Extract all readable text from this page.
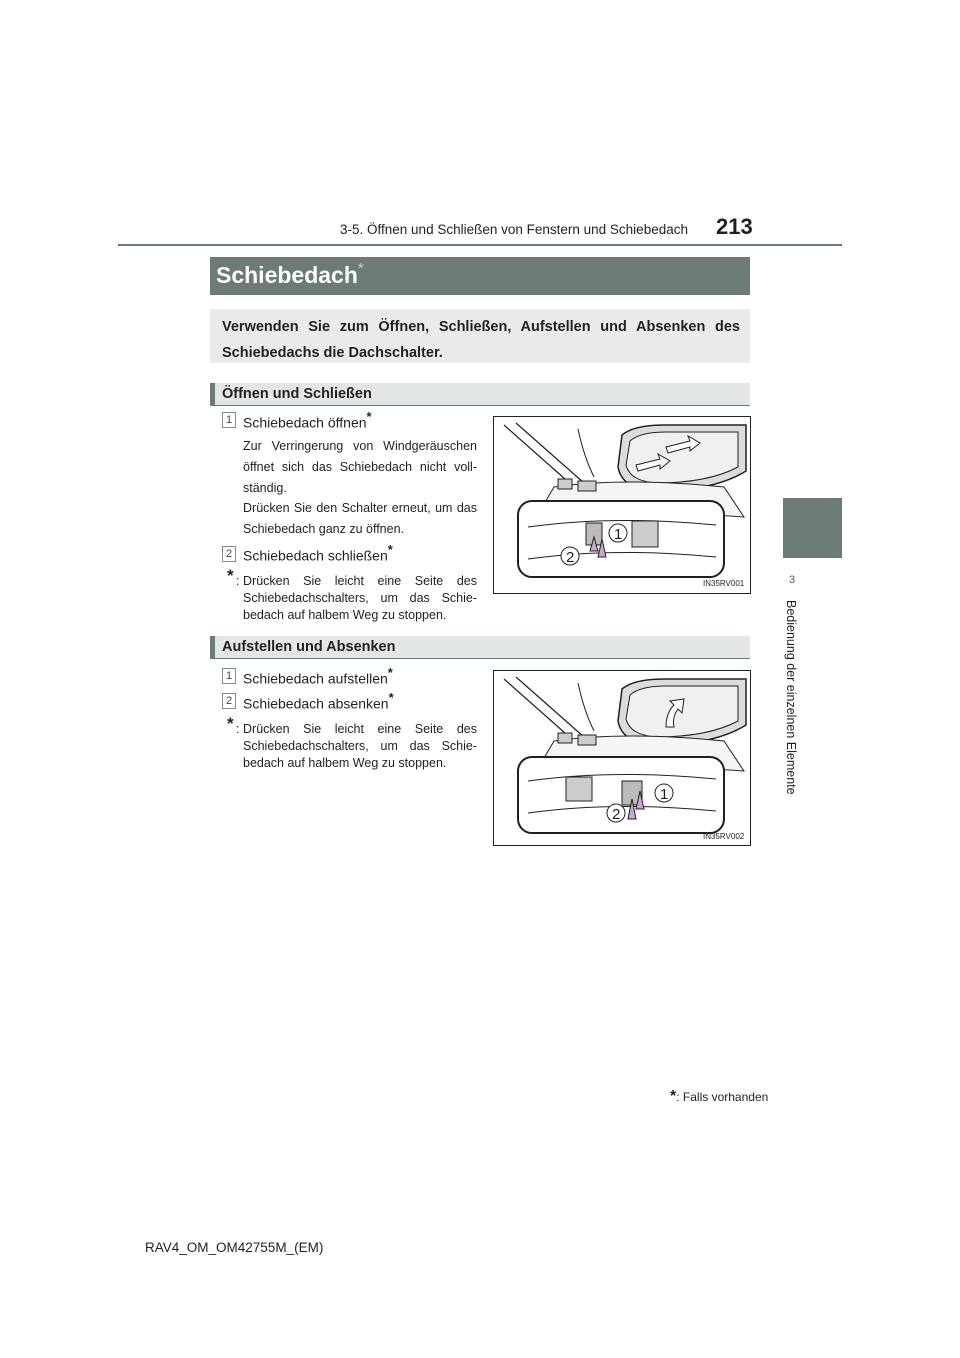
3-5. Öffnen und Schließen von Fenstern und Schiebedach 213
3
Bedienung der einzelnen Elemente
Schiebedach*
Verwenden Sie zum Öffnen, Schließen, Aufstellen und Absenken des Schiebedachs die Dachschalter.
Öffnen und Schließen
1 Schiebedach öffnen*
Zur Verringerung von Windgeräuschen öffnet sich das Schiebedach nicht voll-ständig.
Drücken Sie den Schalter erneut, um das Schiebedach ganz zu öffnen.
2 Schiebedach schließen*
* : Drücken Sie leicht eine Seite des Schiebedachschalters, um das Schie-bedach auf halbem Weg zu stoppen.
1
2
IN35RV001
Aufstellen und Absenken
1 Schiebedach aufstellen*
2 Schiebedach absenken*
* : Drücken Sie leicht eine Seite des Schiebedachschalters, um das Schie-bedach auf halbem Weg zu stoppen.
1
2
IN35RV002
*: Falls vorhanden
RAV4_OM_OM42755M_(EM)
